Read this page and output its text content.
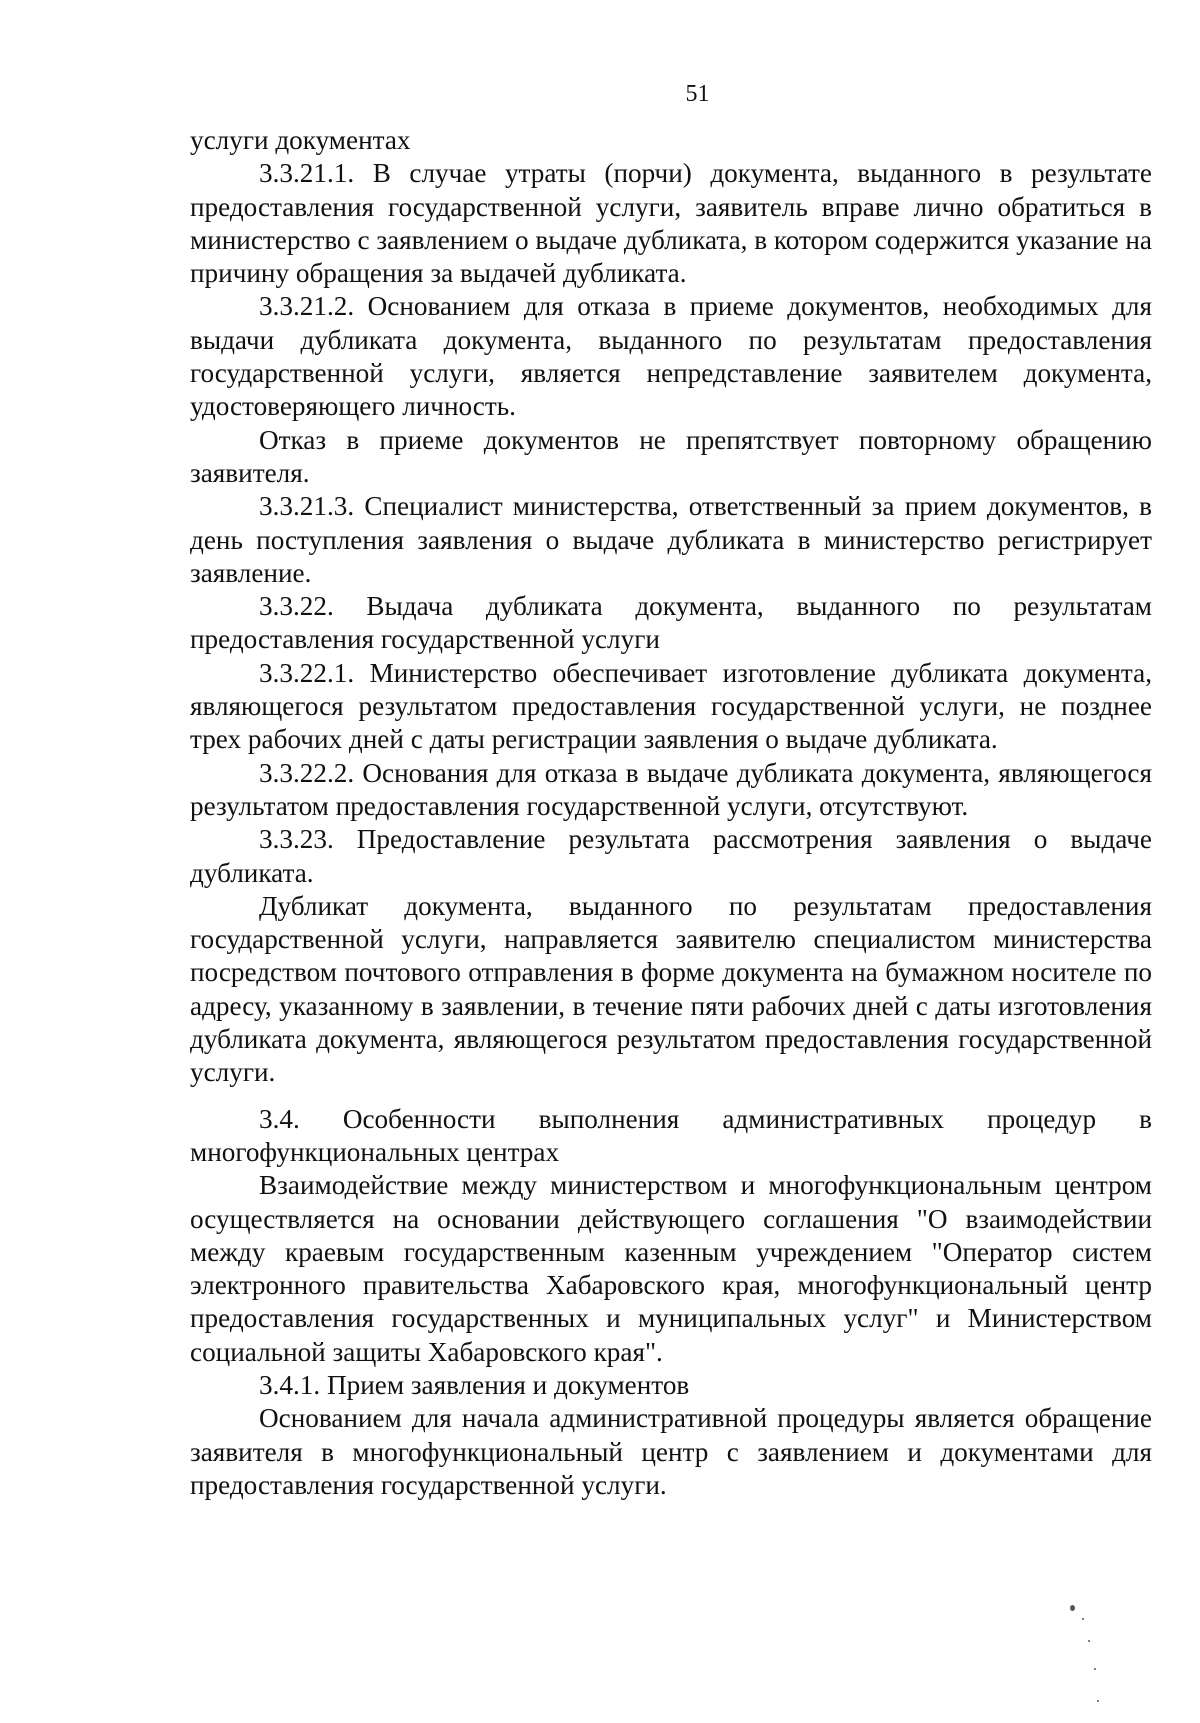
51

услуги документах

3.3.21.1. В случае утраты (порчи) документа, выданного в результате предоставления государственной услуги, заявитель вправе лично обратиться в министерство с заявлением о выдаче дубликата, в котором содержится указание на причину обращения за выдачей дубликата.

3.3.21.2. Основанием для отказа в приеме документов, необходимых для выдачи дубликата документа, выданного по результатам предоставления государственной услуги, является непредставление заявителем документа, удостоверяющего личность.

Отказ в приеме документов не препятствует повторному обращению заявителя.

3.3.21.3. Специалист министерства, ответственный за прием документов, в день поступления заявления о выдаче дубликата в министерство регистрирует заявление.

3.3.22. Выдача дубликата документа, выданного по результатам предоставления государственной услуги

3.3.22.1. Министерство обеспечивает изготовление дубликата документа, являющегося результатом предоставления государственной услуги, не позднее трех рабочих дней с даты регистрации заявления о выдаче дубликата.

3.3.22.2. Основания для отказа в выдаче дубликата документа, являющегося результатом предоставления государственной услуги, отсутствуют.

3.3.23. Предоставление результата рассмотрения заявления о выдаче дубликата.

Дубликат документа, выданного по результатам предоставления государственной услуги, направляется заявителю специалистом министерства посредством почтового отправления в форме документа на бумажном носителе по адресу, указанному в заявлении, в течение пяти рабочих дней с даты изготовления дубликата документа, являющегося результатом предоставления государственной услуги.

3.4. Особенности выполнения административных процедур в многофункциональных центрах

Взаимодействие между министерством и многофункциональным центром осуществляется на основании действующего соглашения "О взаимодействии между краевым государственным казенным учреждением "Оператор систем электронного правительства Хабаровского края, многофункциональный центр предоставления государственных и муниципальных услуг" и Министерством социальной защиты Хабаровского края".

3.4.1. Прием заявления и документов

Основанием для начала административной процедуры является обращение заявителя в многофункциональный центр с заявлением и документами для предоставления государственной услуги.
